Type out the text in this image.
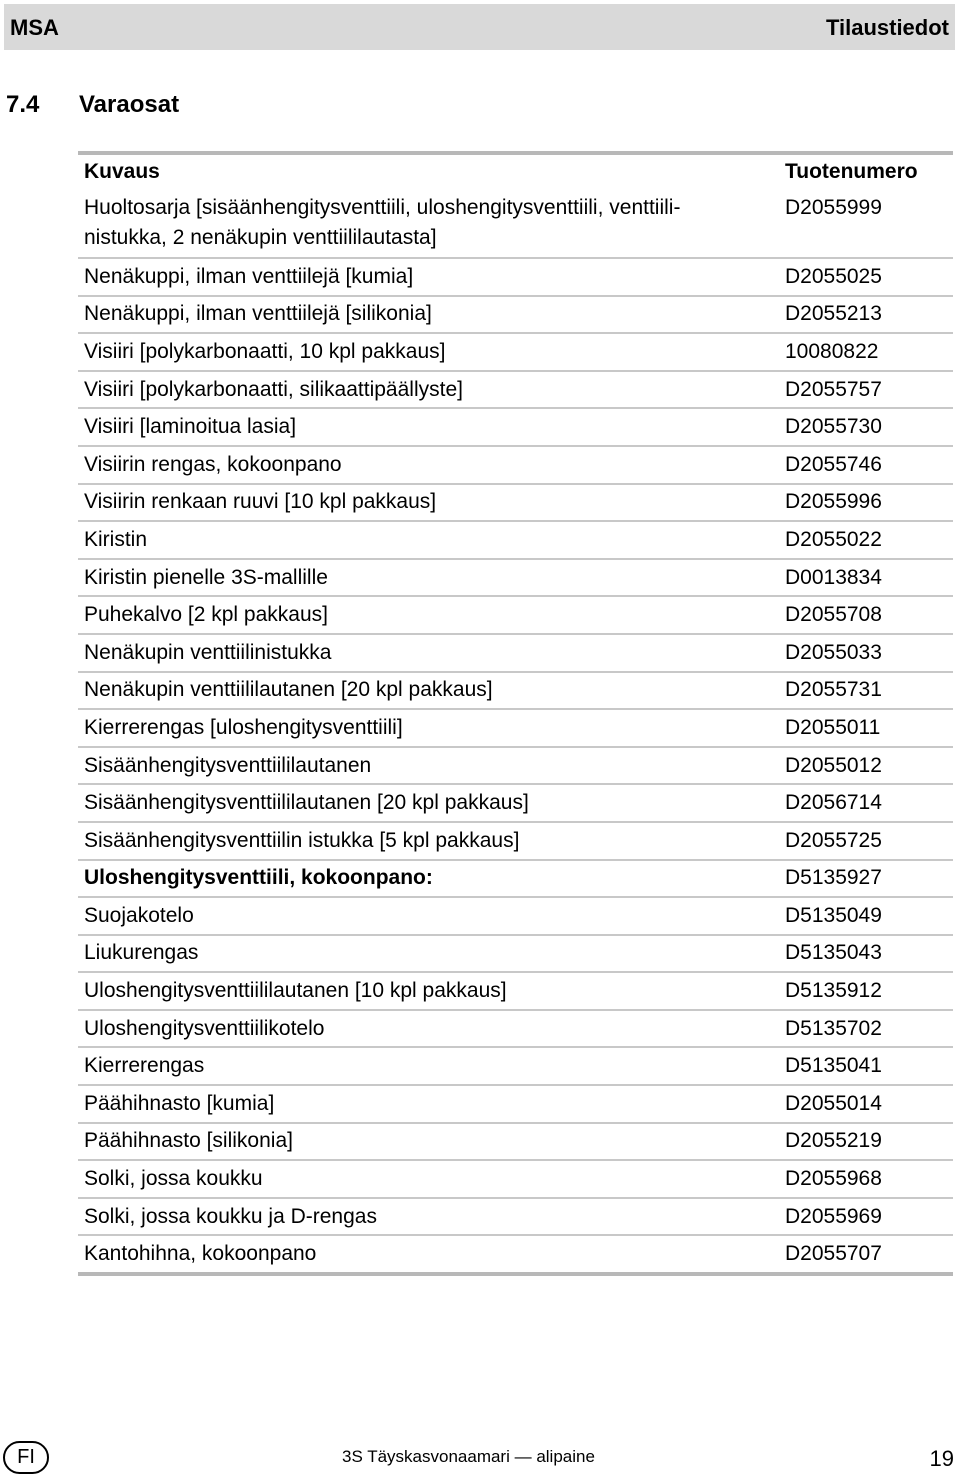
MSA	Tilaustiedot
7.4 Varaosat
Kuvaus	Tuotenumero
Huoltosarja [sisäänhengitysventtiili, uloshengitysventtiili, venttiili-
nistukka, 2 nenäkupin venttiililautasta]
D2055999
Nenäkuppi, ilman venttiilejä [kumia]	D2055025
Nenäkuppi, ilman venttiilejä [silikonia]	D2055213
Visiiri [polykarbonaatti, 10 kpl pakkaus]	10080822
Visiiri [polykarbonaatti, silikaattipäällyste]	D2055757
Visiiri [laminoitua lasia]	D2055730
Visiirin rengas, kokoonpano	D2055746
Visiirin renkaan ruuvi [10 kpl pakkaus]	D2055996
Kiristin	D2055022
Kiristin pienelle 3S-mallille	D0013834
Puhekalvo [2 kpl pakkaus]	D2055708
Nenäkupin venttiilinistukka	D2055033
Nenäkupin venttiililautanen [20 kpl pakkaus]	D2055731
Kierrerengas [uloshengitysventtiili]	D2055011
Sisäänhengitysventtiililautanen	D2055012
Sisäänhengitysventtiililautanen [20 kpl pakkaus]	D2056714
Sisäänhengitysventtiilin istukka [5 kpl pakkaus]	D2055725
Uloshengitysventtiili, kokoonpano:	D5135927
Suojakotelo	D5135049
Liukurengas	D5135043
Uloshengitysventtiililautanen [10 kpl pakkaus]	D5135912
Uloshengitysventtiilikotelo	D5135702
Kierrerengas	D5135041
Päähihnasto [kumia]	D2055014
Päähihnasto [silikonia]	D2055219
Solki, jossa koukku	D2055968
Solki, jossa koukku ja D-rengas	D2055969
Kantohihna, kokoonpano	D2055707
FI	3S Täyskasvonaamari — alipaine	19
